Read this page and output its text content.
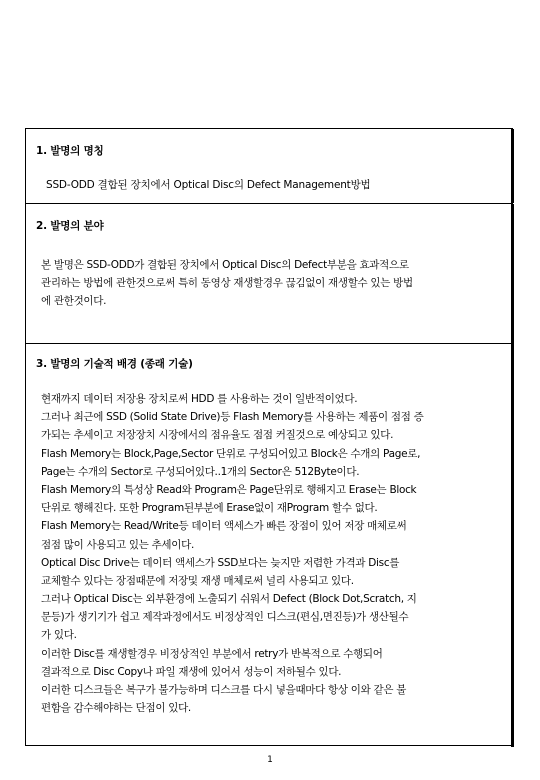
1. 발명의 명칭
SSD-ODD 결합된 장치에서 Optical Disc의 Defect Management방법
2. 발명의 분야
본 발명은 SSD-ODD가 결합된 장치에서 Optical Disc의 Defect부분을 효과적으로
관리하는 방법에 관한것으로써 특히 동영상 재생할경우 끊김없이 재생할수 있는 방법
에 관한것이다.
3. 발명의 기술적 배경 (종래 기술)
현재까지 데이터 저장용 장치로써 HDD 를 사용하는 것이 일반적이었다.
그러나 최근에 SSD (Solid State Drive)등 Flash Memory를 사용하는 제품이 점점 증
가되는 추세이고 저장장치 시장에서의 점유율도 점점 커질것으로 예상되고 있다.
Flash Memory는 Block,Page,Sector 단위로 구성되어있고 Block은 수개의 Page로,
Page는 수개의 Sector로 구성되어있다..1개의 Sector은 512Byte이다.
Flash Memory의 특성상 Read와 Program은 Page단위로 행해지고 Erase는 Block
단위로 행해진다. 또한 Program된부분에 Erase없이 재Program 할수 없다.
Flash Memory는 Read/Write등 데이터 액세스가 빠른 장점이 있어 저장 매체로써
점점 많이 사용되고 있는 추세이다.
Optical Disc Drive는 데이터 액세스가 SSD보다는 늦지만 저렴한 가격과 Disc를
교체할수 있다는 장점때문에 저장및 재생 매체로써 널리 사용되고 있다.
그러나 Optical Disc는 외부환경에 노출되기 쉬워서 Defect (Block Dot,Scratch, 지
문등)가 생기기가 쉽고 제작과정에서도 비정상적인 디스크(편심,면진등)가 생산될수
가 있다.
이러한 Disc를 재생할경우 비정상적인 부분에서 retry가 반복적으로 수행되어
결과적으로 Disc Copy나 파일 재생에 있어서 성능이 저하될수 있다.
이러한 디스크들은 복구가 불가능하며 디스크를 다시 넣을때마다 항상 이와 같은 불
편함을 감수해야하는 단점이 있다.
1
